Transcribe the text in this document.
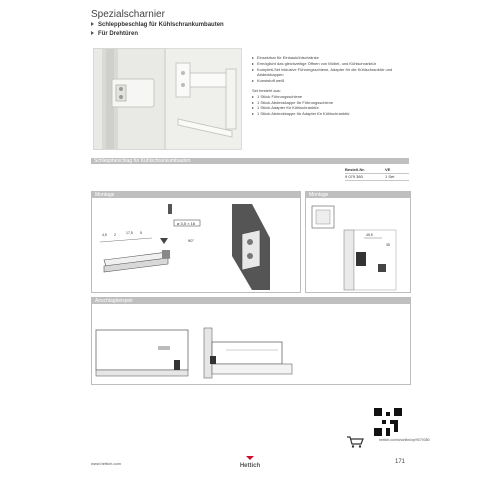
Spezialscharnier
Schleppbeschlag für Kühlschrankumbauten
Für Drehtüren
Einsetzbar für Einbaukühlschränke
Ermöglicht das gleichzeitige Öffnen von Möbel- und Kühlschranktür
Komplett-Set inklusive Führungsschiene, Adapter für die Kühlschranktür und Abdeckkappen
Kunststoff weiß
Set besteht aus:
1 Stück Führungsschiene
1 Stück Abdeckkappe für Führungsschiene
1 Stück Adapter für Kühlschranktür
1 Stück Abdeckkappe für Adapter für Kühlschranktür
Schleppbeschlag für Kühlschrankumbauten
Bestell-Nr.	VE
9 079 380	1 Set
Montage
⌀ 3,5 × 16
4,5 2	17,5 5
90°
Montage
45,5
35
Anschlagbeispiel
hettich.com/shortlink/qr/9079380
www.hettich.com	Hettich
171
